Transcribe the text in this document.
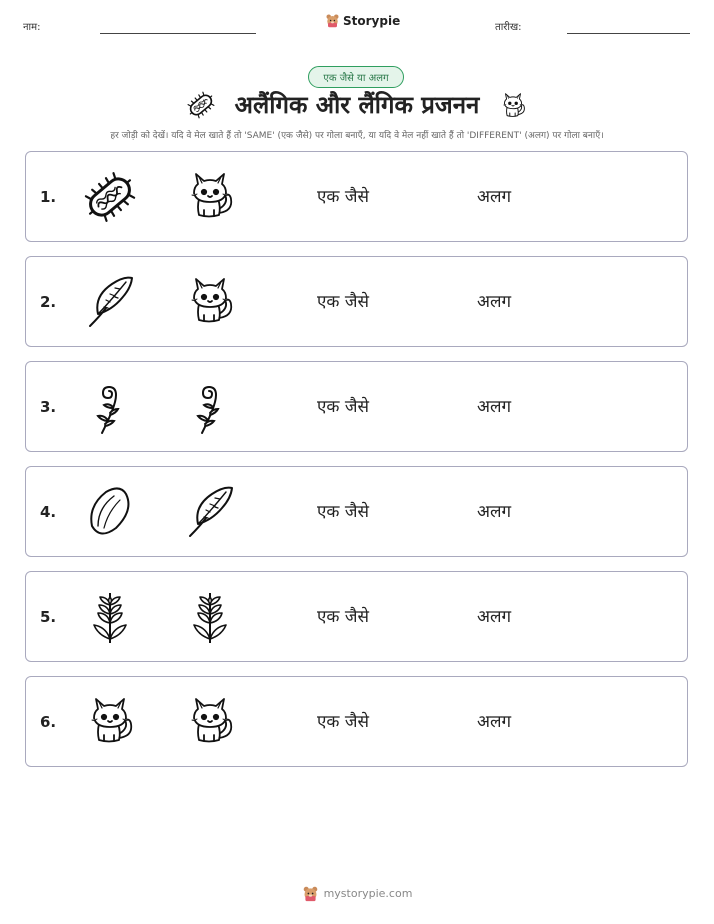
नाम:	Storypie	तारीख:
एक जैसे या अलग
अलैंगिक और लैंगिक प्रजनन
हर जोड़ी को देखें। यदि वे मेल खाते हैं तो 'SAME' (एक जैसे) पर गोला बनाएँ, या यदि वे मेल नहीं खाते हैं तो 'DIFFERENT' (अलग) पर गोला बनाएँ।
1.	एक जैसे	अलग
2.	एक जैसे	अलग
3.	एक जैसे	अलग
4.	एक जैसे	अलग
5.	एक जैसे	अलग
6.	एक जैसे	अलग
mystorypie.com
